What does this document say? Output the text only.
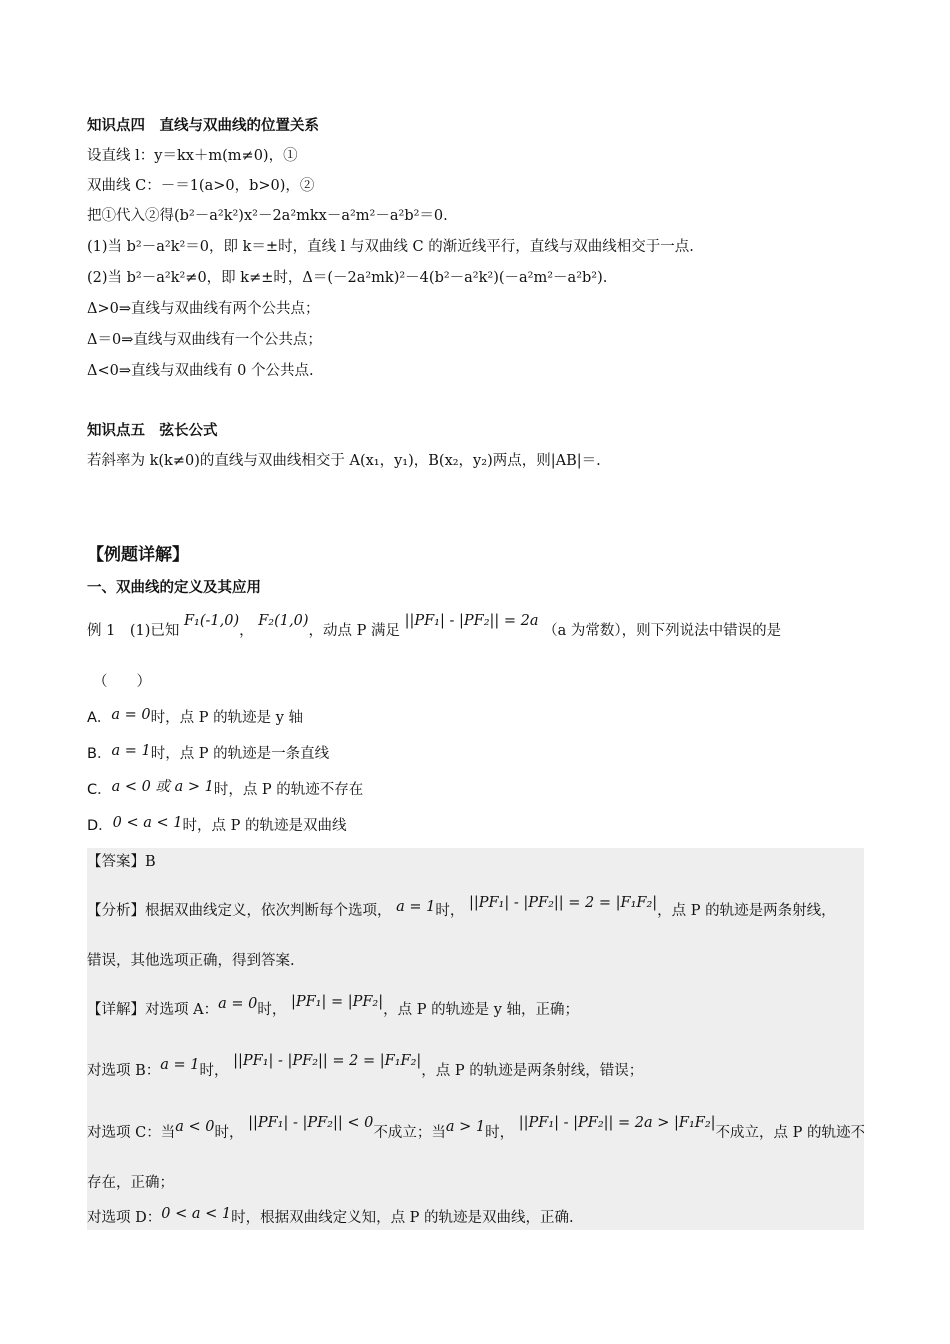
知识点四　直线与双曲线的位置关系
设直线 l：y＝kx＋m(m≠0)，①
双曲线 C：－＝1(a>0，b>0)，②
把①代入②得(b²－a²k²)x²－2a²mkx－a²m²－a²b²＝0.
(1)当 b²－a²k²＝0，即 k＝±时，直线 l 与双曲线 C 的渐近线平行，直线与双曲线相交于一点.
(2)当 b²－a²k²≠0，即 k≠±时，Δ＝(－2a²mk)²－4(b²－a²k²)(－a²m²－a²b²).
Δ>0⇒直线与双曲线有两个公共点；
Δ＝0⇒直线与双曲线有一个公共点；
Δ<0⇒直线与双曲线有 0 个公共点.
知识点五　弦长公式
若斜率为 k(k≠0)的直线与双曲线相交于 A(x₁，y₁)，B(x₂，y₂)两点，则|AB|＝.
【例题详解】
一、双曲线的定义及其应用
例 1　(1)已知 F₁(-1,0)， F₂(1,0)，动点 P 满足 ||PF₁| - |PF₂|| = 2a （a 为常数），则下列说法中错误的是
（　　）
A．a = 0时，点 P 的轨迹是 y 轴
B．a = 1时，点 P 的轨迹是一条直线
C．a < 0 或 a > 1时，点 P 的轨迹不存在
D．0 < a < 1时，点 P 的轨迹是双曲线
【答案】B
【分析】根据双曲线定义，依次判断每个选项， a = 1时， ||PF₁| - |PF₂|| = 2 = |F₁F₂|，点 P 的轨迹是两条射线，
错误，其他选项正确，得到答案.
【详解】对选项 A：a = 0时， |PF₁| = |PF₂|，点 P 的轨迹是 y 轴，正确；
对选项 B：a = 1时， ||PF₁| - |PF₂|| = 2 = |F₁F₂|，点 P 的轨迹是两条射线，错误；
对选项 C：当a < 0时， ||PF₁| - |PF₂|| < 0不成立；当a > 1时， ||PF₁| - |PF₂|| = 2a > |F₁F₂|不成立，点 P 的轨迹不
存在，正确；
对选项 D：0 < a < 1时，根据双曲线定义知，点 P 的轨迹是双曲线，正确.
